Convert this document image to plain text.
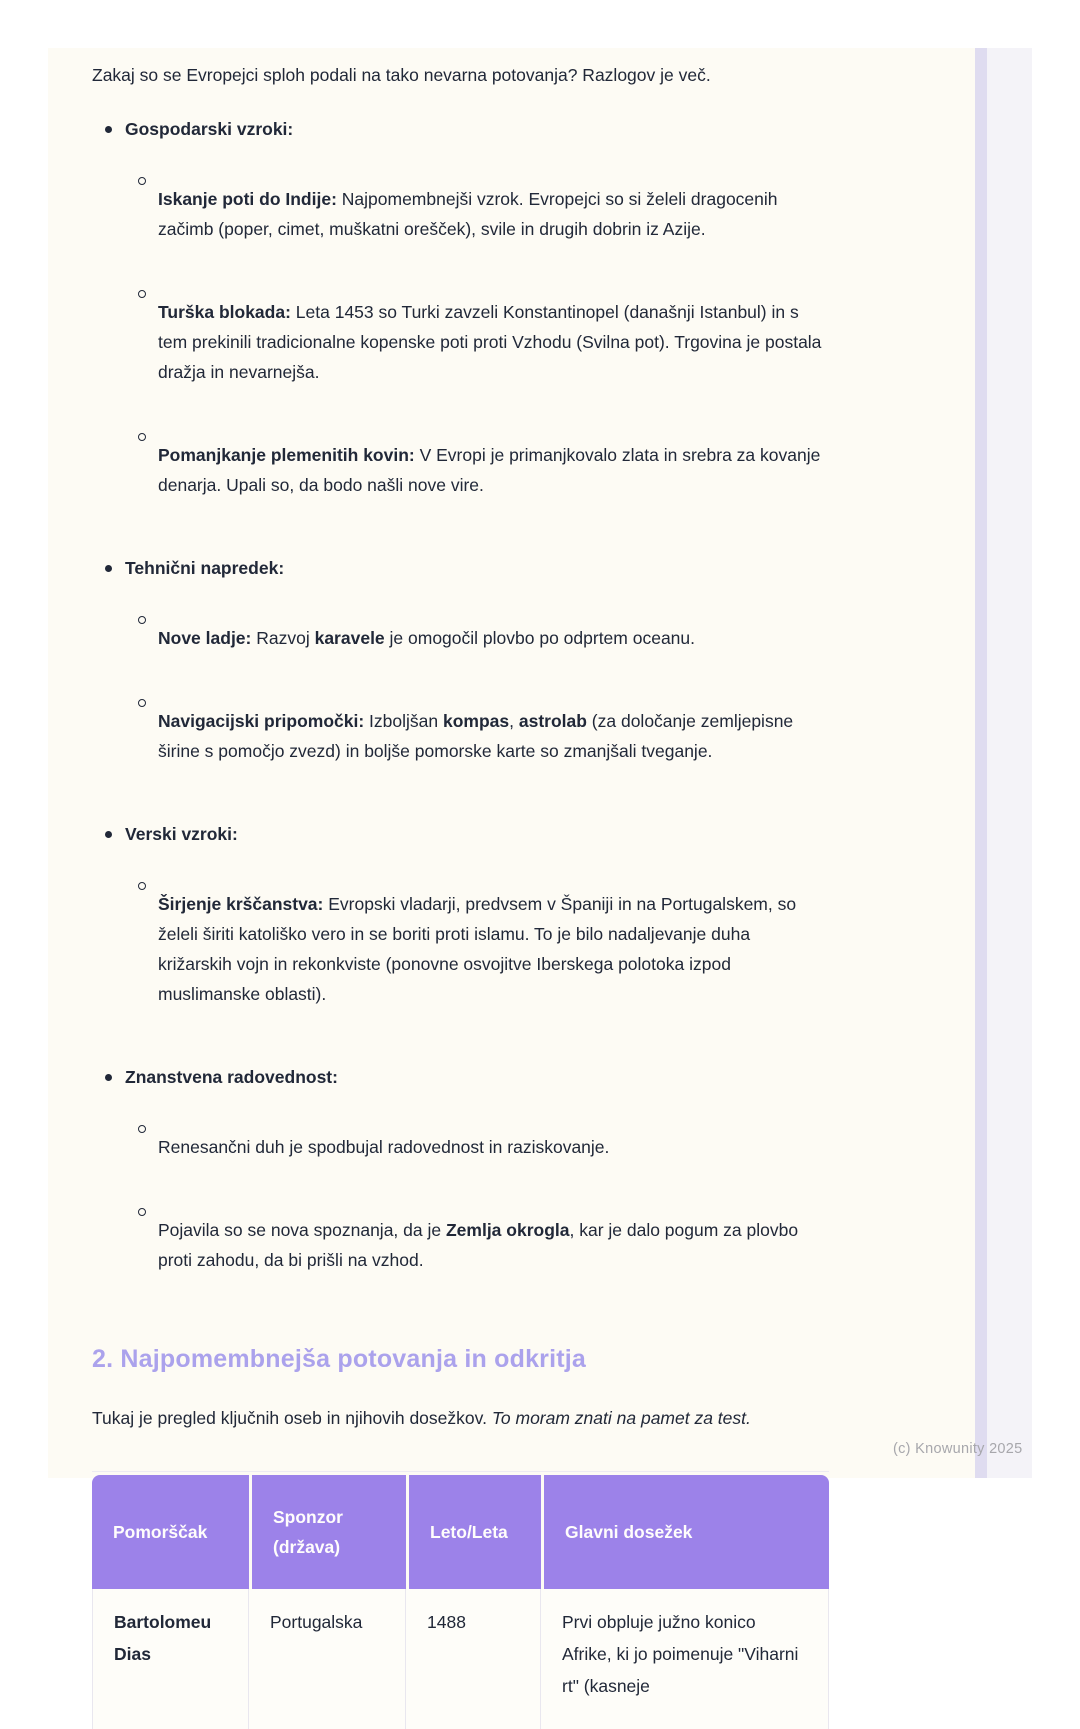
Zakaj so se Evropejci sploh podali na tako nevarna potovanja? Razlogov je več.

Gospodarski vzroki:

Iskanje poti do Indije: Najpomembnejši vzrok. Evropejci so si želeli dragocenih začimb (poper, cimet, muškatni orešček), svile in drugih dobrin iz Azije.

Turška blokada: Leta 1453 so Turki zavzeli Konstantinopel (današnji Istanbul) in s tem prekinili tradicionalne kopenske poti proti Vzhodu (Svilna pot). Trgovina je postala dražja in nevarnejša.

Pomanjkanje plemenitih kovin: V Evropi je primanjkovalo zlata in srebra za kovanje denarja. Upali so, da bodo našli nove vire.

Tehnični napredek:

Nove ladje: Razvoj karavele je omogočil plovbo po odprtem oceanu.

Navigacijski pripomočki: Izboljšan kompas, astrolab (za določanje zemljepisne širine s pomočjo zvezd) in boljše pomorske karte so zmanjšali tveganje.

Verski vzroki:

Širjenje krščanstva: Evropski vladarji, predvsem v Španiji in na Portugalskem, so želeli širiti katoliško vero in se boriti proti islamu. To je bilo nadaljevanje duha križarskih vojn in rekonkviste (ponovne osvojitve Iberskega polotoka izpod muslimanske oblasti).

Znanstvena radovednost:

Renesančni duh je spodbujal radovednost in raziskovanje.

Pojavila so se nova spoznanja, da je Zemlja okrogla, kar je dalo pogum za plovbo proti zahodu, da bi prišli na vzhod.

2. Najpomembnejša potovanja in odkritja

Tukaj je pregled ključnih oseb in njihovih dosežkov. To moram znati na pamet za test.

Pomorščak	Sponzor (država)	Leto/Leta	Glavni dosežek
Bartolomeu Dias	Portugalska	1488	Prvi obpluje južno konico Afrike, ki jo poimenuje "Viharni rt" (kasneje
(c) Knowunity 2025
